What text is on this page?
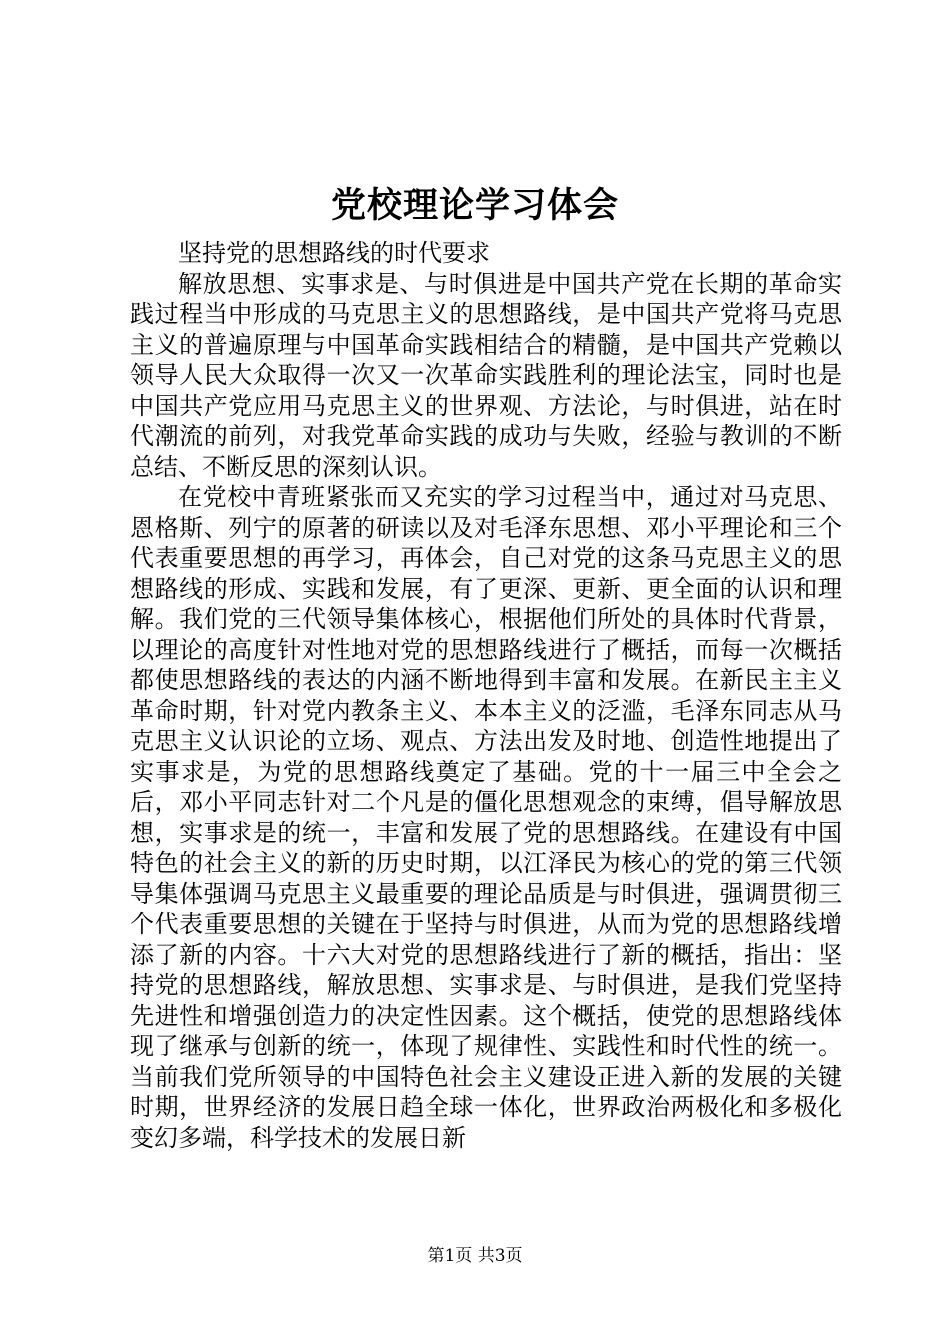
党校理论学习体会

坚持党的思想路线的时代要求

解放思想、实事求是、与时俱进是中国共产党在长期的革命实践过程当中形成的马克思主义的思想路线，是中国共产党将马克思主义的普遍原理与中国革命实践相结合的精髓，是中国共产党赖以领导人民大众取得一次又一次革命实践胜利的理论法宝，同时也是中国共产党应用马克思主义的世界观、方法论，与时俱进，站在时代潮流的前列，对我党革命实践的成功与失败，经验与教训的不断总结、不断反思的深刻认识。

在党校中青班紧张而又充实的学习过程当中，通过对马克思、恩格斯、列宁的原著的研读以及对毛泽东思想、邓小平理论和三个代表重要思想的再学习，再体会，自己对党的这条马克思主义的思想路线的形成、实践和发展，有了更深、更新、更全面的认识和理解。我们党的三代领导集体核心，根据他们所处的具体时代背景，以理论的高度针对性地对党的思想路线进行了概括，而每一次概括都使思想路线的表达的内涵不断地得到丰富和发展。在新民主主义革命时期，针对党内教条主义、本本主义的泛滥，毛泽东同志从马克思主义认识论的立场、观点、方法出发及时地、创造性地提出了实事求是，为党的思想路线奠定了基础。党的十一届三中全会之后，邓小平同志针对二个凡是的僵化思想观念的束缚，倡导解放思想，实事求是的统一，丰富和发展了党的思想路线。在建设有中国特色的社会主义的新的历史时期，以江泽民为核心的党的第三代领导集体强调马克思主义最重要的理论品质是与时俱进，强调贯彻三个代表重要思想的关键在于坚持与时俱进，从而为党的思想路线增添了新的内容。十六大对党的思想路线进行了新的概括，指出：坚持党的思想路线，解放思想、实事求是、与时俱进，是我们党坚持先进性和增强创造力的决定性因素。这个概括，使党的思想路线体现了继承与创新的统一，体现了规律性、实践性和时代性的统一。当前我们党所领导的中国特色社会主义建设正进入新的发展的关键时期，世界经济的发展日趋全球一体化，世界政治两极化和多极化变幻多端，科学技术的发展日新

第1页 共3页
